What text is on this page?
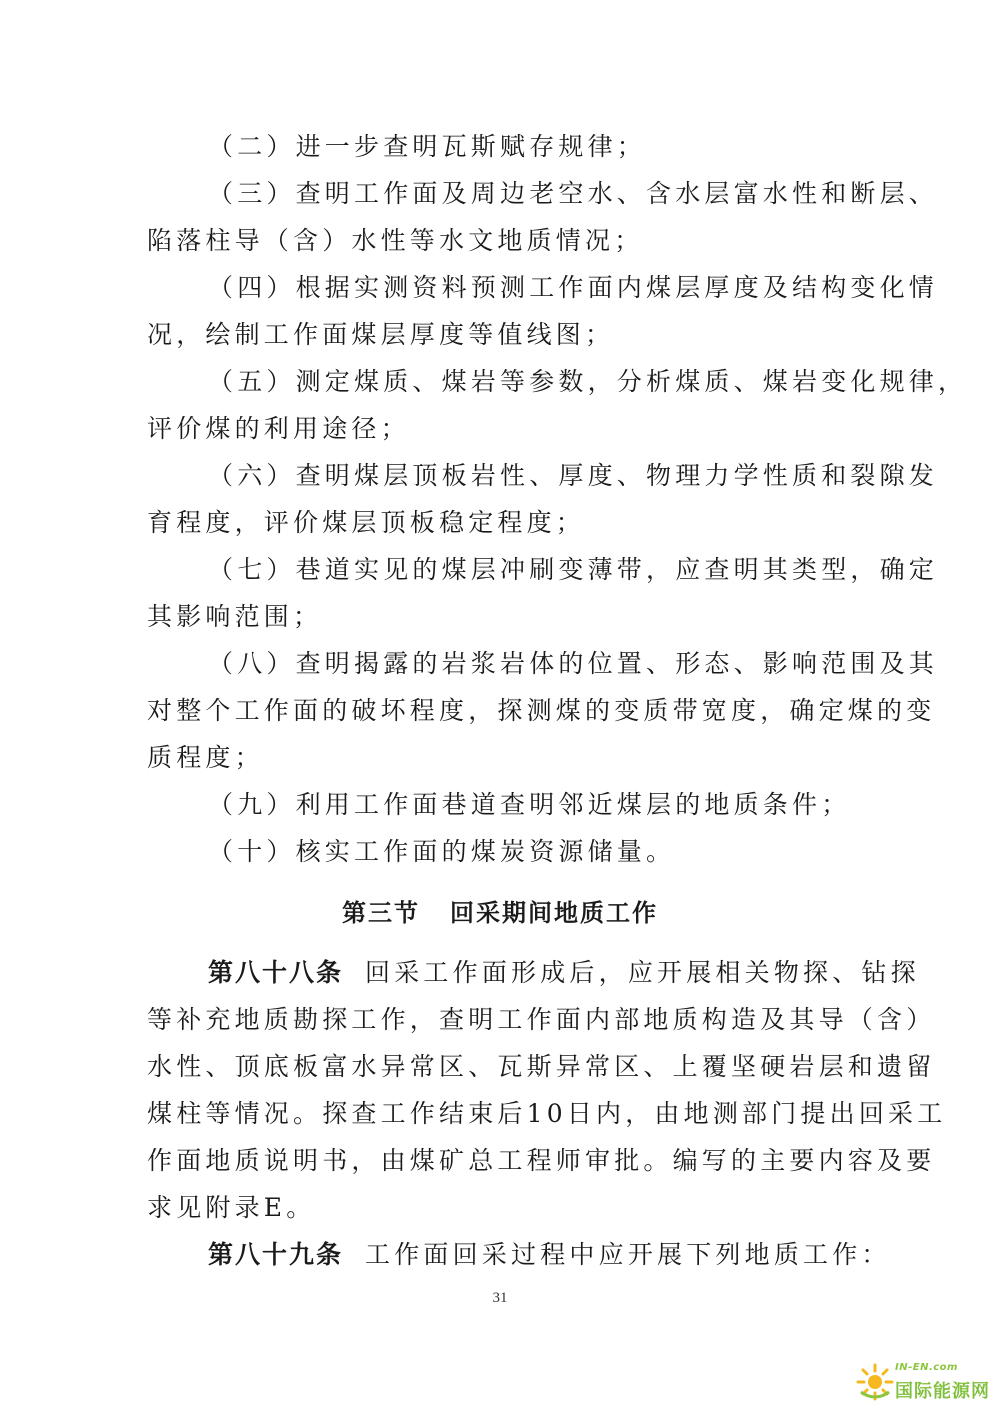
（二）进一步查明瓦斯赋存规律；
（三）查明工作面及周边老空水、含水层富水性和断层、
陷落柱导（含）水性等水文地质情况；
（四）根据实测资料预测工作面内煤层厚度及结构变化情
况，绘制工作面煤层厚度等值线图；
（五）测定煤质、煤岩等参数，分析煤质、煤岩变化规律，
评价煤的利用途径；
（六）查明煤层顶板岩性、厚度、物理力学性质和裂隙发
育程度，评价煤层顶板稳定程度；
（七）巷道实见的煤层冲刷变薄带，应查明其类型，确定
其影响范围；
（八）查明揭露的岩浆岩体的位置、形态、影响范围及其
对整个工作面的破坏程度，探测煤的变质带宽度，确定煤的变
质程度；
（九）利用工作面巷道查明邻近煤层的地质条件；
（十）核实工作面的煤炭资源储量。
第三节 回采期间地质工作
第八十八条 回采工作面形成后，应开展相关物探、钻探
等补充地质勘探工作，查明工作面内部地质构造及其导（含）
水性、顶底板富水异常区、瓦斯异常区、上覆坚硬岩层和遗留
煤柱等情况。探查工作结束后10日内，由地测部门提出回采工
作面地质说明书，由煤矿总工程师审批。编写的主要内容及要
求见附录E。
第八十九条 工作面回采过程中应开展下列地质工作：
31
IN-EN.com
国际能源网
